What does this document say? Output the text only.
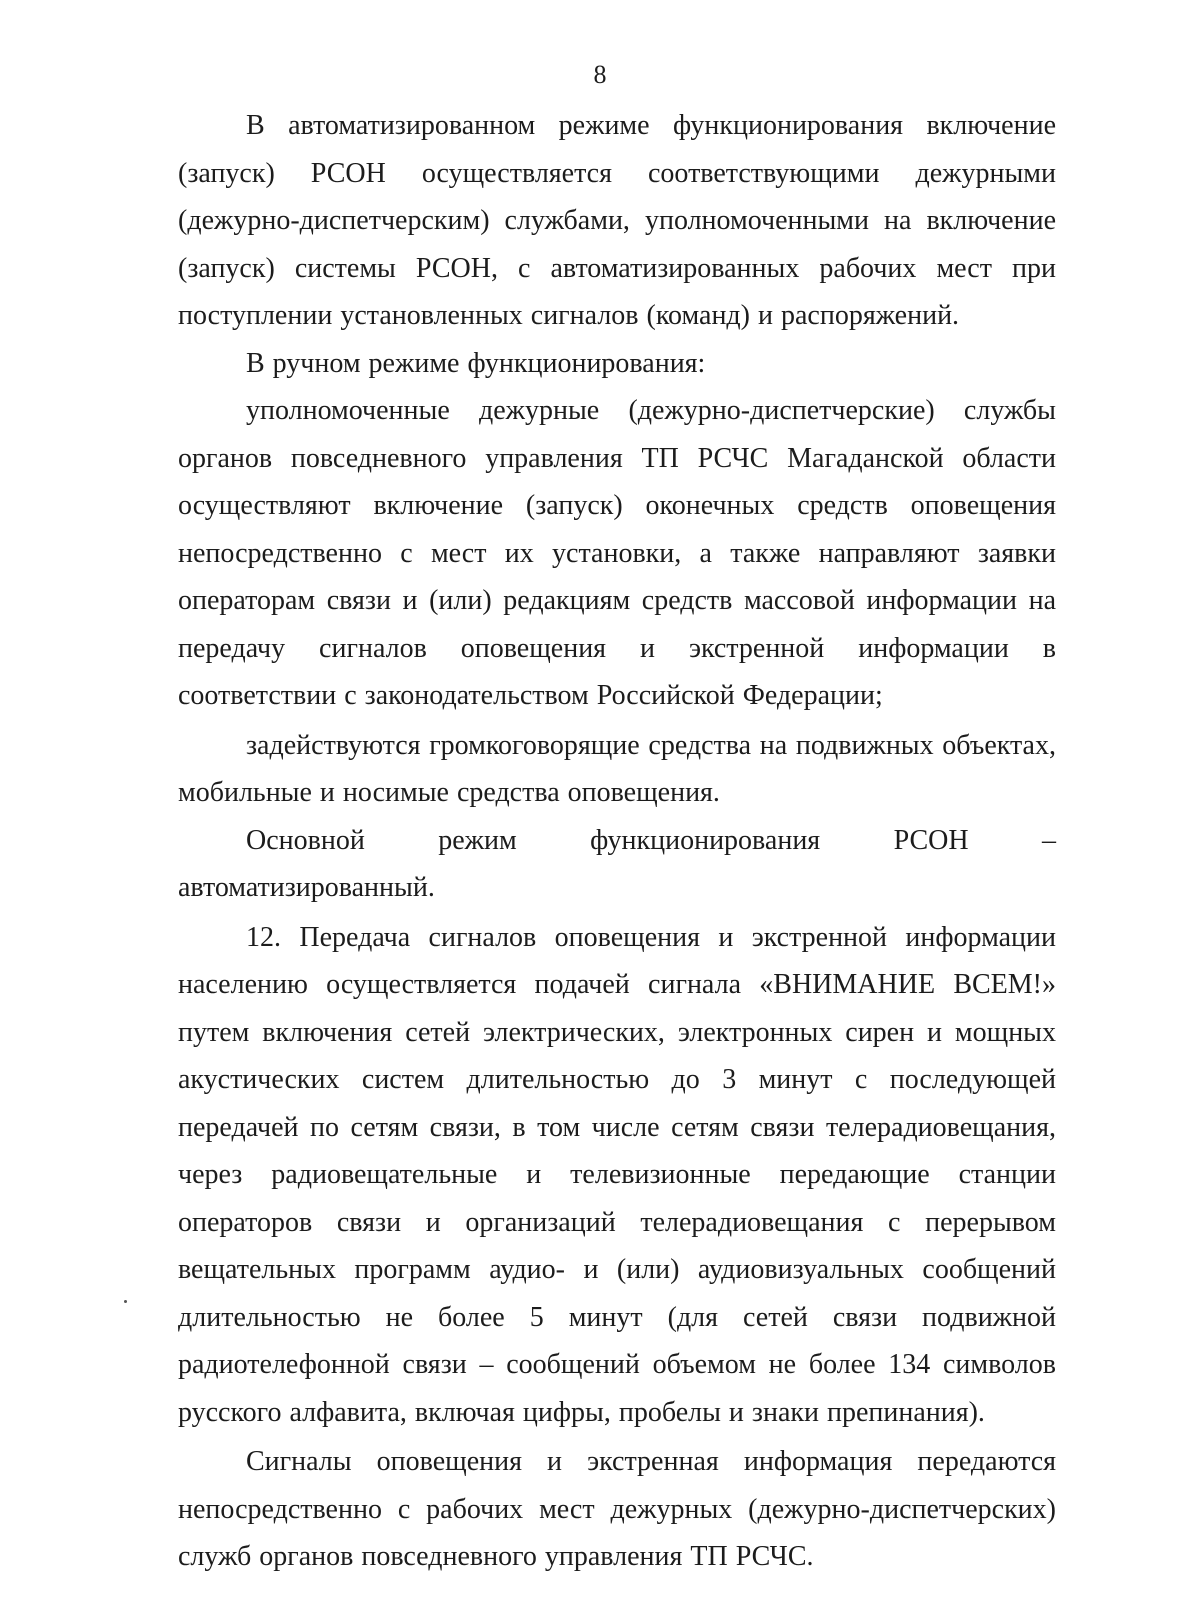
8

В автоматизированном режиме функционирования включение (запуск) РСОН осуществляется соответствующими дежурными (дежурно-диспетчерским) службами, уполномоченными на включение (запуск) системы РСОН, с автоматизированных рабочих мест при поступлении установленных сигналов (команд) и распоряжений.

В ручном режиме функционирования:

уполномоченные дежурные (дежурно-диспетчерские) службы органов повседневного управления ТП РСЧС Магаданской области осуществляют включение (запуск) оконечных средств оповещения непосредственно с мест их установки, а также направляют заявки операторам связи и (или) редакциям средств массовой информации на передачу сигналов оповещения и экстренной информации в соответствии с законодательством Российской Федерации;

задействуются громкоговорящие средства на подвижных объектах, мобильные и носимые средства оповещения.

Основной режим функционирования РСОН – автоматизированный.

12. Передача сигналов оповещения и экстренной информации населению осуществляется подачей сигнала «ВНИМАНИЕ ВСЕМ!» путем включения сетей электрических, электронных сирен и мощных акустических систем длительностью до 3 минут с последующей передачей по сетям связи, в том числе сетям связи телерадиовещания, через радиовещательные и телевизионные передающие станции операторов связи и организаций телерадиовещания с перерывом вещательных программ аудио- и (или) аудиовизуальных сообщений длительностью не более 5 минут (для сетей связи подвижной радиотелефонной связи – сообщений объемом не более 134 символов русского алфавита, включая цифры, пробелы и знаки препинания).

Сигналы оповещения и экстренная информация передаются непосредственно с рабочих мест дежурных (дежурно-диспетчерских) служб органов повседневного управления ТП РСЧС.
